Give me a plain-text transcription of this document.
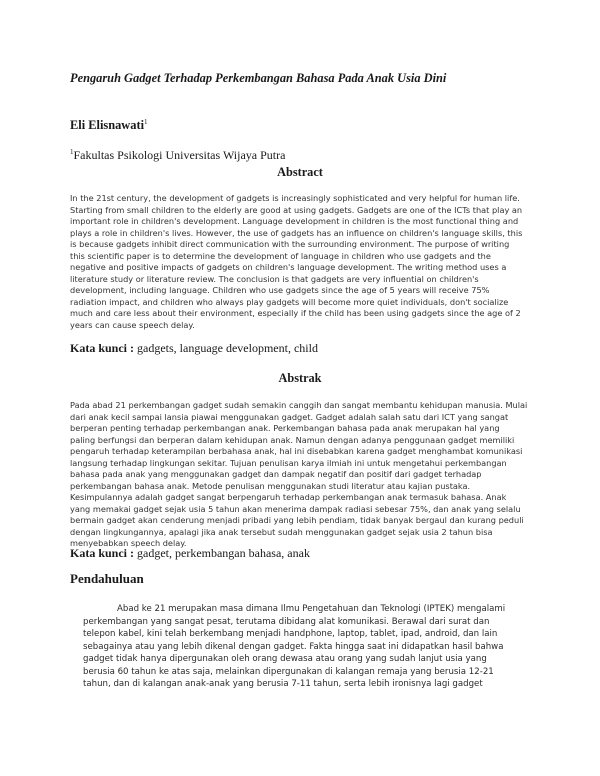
Pengaruh Gadget Terhadap Perkembangan Bahasa Pada Anak Usia Dini
Eli Elisnawati$^1$
$^1$Fakultas Psikologi Universitas Wijaya Putra
Abstract

In the 21st century, the development of gadgets is increasingly sophisticated and very helpful for human life.
Starting from small children to the elderly are good at using gadgets. Gadgets are one of the ICTs that play an
important role in children's development. Language development in children is the most functional thing and
plays a role in children's lives. However, the use of gadgets has an influence on children's language skills, this
is because gadgets inhibit direct communication with the surrounding environment. The purpose of writing
this scientific paper is to determine the development of language in children who use gadgets and the
negative and positive impacts of gadgets on children's language development. The writing method uses a
literature study or literature review. The conclusion is that gadgets are very influential on children's
development, including language. Children who use gadgets since the age of 5 years will receive 75%
radiation impact, and children who always play gadgets will become more quiet individuals, don't socialize
much and care less about their environment, especially if the child has been using gadgets since the age of 2
years can cause speech delay.

Kata kunci : gadgets, language development, child
Abstrak

Pada abad 21 perkembangan gadget sudah semakin canggih dan sangat membantu kehidupan manusia. Mulai
dari anak kecil sampai lansia piawai menggunakan gadget. Gadget adalah salah satu dari ICT yang sangat
berperan penting terhadap perkembangan anak. Perkembangan bahasa pada anak merupakan hal yang
paling berfungsi dan berperan dalam kehidupan anak. Namun dengan adanya penggunaan gadget memiliki
pengaruh terhadap keterampilan berbahasa anak, hal ini disebabkan karena gadget menghambat komunikasi
langsung terhadap lingkungan sekitar. Tujuan penulisan karya ilmiah ini untuk mengetahui perkembangan
bahasa pada anak yang menggunakan gadget dan dampak negatif dan positif dari gadget terhadap
perkembangan bahasa anak. Metode penulisan menggunakan studi literatur atau kajian pustaka.
Kesimpulannya adalah gadget sangat berpengaruh terhadap perkembangan anak termasuk bahasa. Anak
yang memakai gadget sejak usia 5 tahun akan menerima dampak radiasi sebesar 75%, dan anak yang selalu
bermain gadget akan cenderung menjadi pribadi yang lebih pendiam, tidak banyak bergaul dan kurang peduli
dengan lingkungannya, apalagi jika anak tersebut sudah menggunakan gadget sejak usia 2 tahun bisa
menyebabkan speech delay.

Kata kunci : gadget, perkembangan bahasa, anak
Pendahuluan

Abad ke 21 merupakan masa dimana Ilmu Pengetahuan dan Teknologi (IPTEK) mengalami
perkembangan yang sangat pesat, terutama dibidang alat komunikasi. Berawal dari surat dan
telepon kabel, kini telah berkembang menjadi handphone, laptop, tablet, ipad, android, dan lain
sebagainya atau yang lebih dikenal dengan gadget. Fakta hingga saat ini didapatkan hasil bahwa
gadget tidak hanya dipergunakan oleh orang dewasa atau orang yang sudah lanjut usia yang
berusia 60 tahun ke atas saja, melainkan dipergunakan di kalangan remaja yang berusia 12-21
tahun, dan di kalangan anak-anak yang berusia 7-11 tahun, serta lebih ironisnya lagi gadget
